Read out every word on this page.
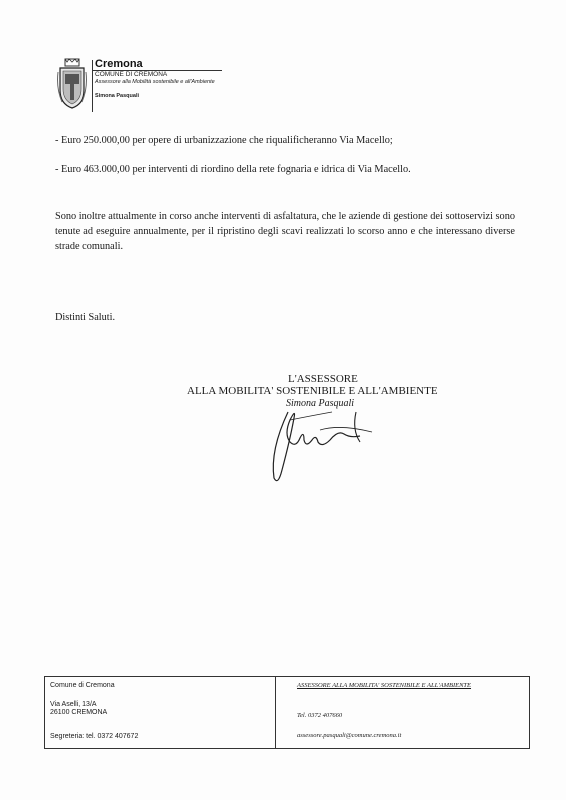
Cremona
COMUNE DI CREMONA
Assessore alla Mobilità sostenibile e all'Ambiente
Simona Pasquali
- Euro 250.000,00 per opere di urbanizzazione che riqualificheranno Via Macello;
- Euro 463.000,00 per interventi di riordino della rete fognaria e idrica di Via Macello.
Sono inoltre attualmente in corso anche interventi di asfaltatura, che le aziende di gestione dei sottoservizi sono tenute ad eseguire annualmente, per il ripristino degli scavi realizzati lo scorso anno e che interessano diverse strade comunali.
Distinti Saluti.
L'ASSESSORE
ALLA MOBILITA' SOSTENIBILE E ALL'AMBIENTE
Simona Pasquali
Comune di Cremona
Via Aselli, 13/A
26100 CREMONA
Segreteria: tel. 0372 407672
ASSESSORE ALLA MOBILITA' SOSTENIBILE E ALL'AMBIENTE
Tel. 0372 407660
assessore.pasquali@comune.cremona.it
